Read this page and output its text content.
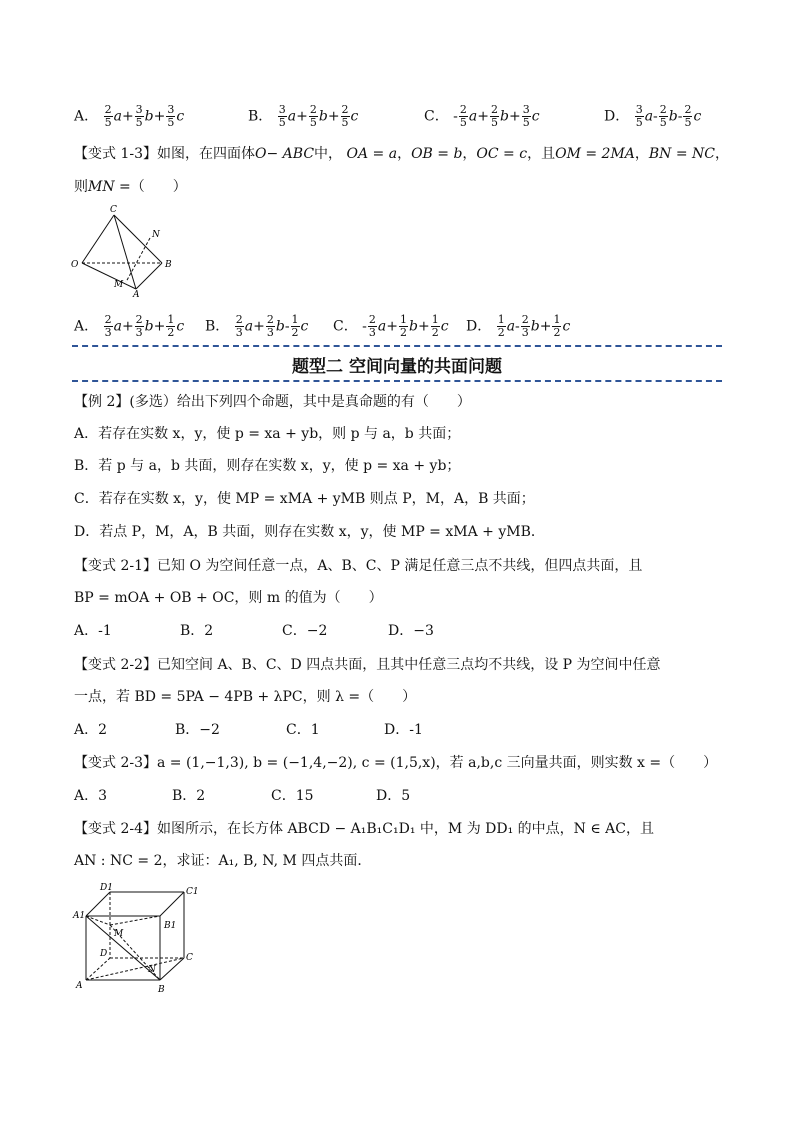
A． $\frac{2}{5} a+ \frac{3}{5} b+ \frac{3}{5}$ c	B． $\frac{3}{5} a+ \frac{2}{5} b+ \frac{2}{5}$ c	C． - $\frac{2}{5} a+ \frac{2}{5} b+ \frac{3}{5}$ c	D． $\frac{3}{5} a- \frac{2}{5} b- \frac{2}{5}$ c
【变式 1-3】如图，在四面体O− ABC中， OA = a，OB = b，OC = c，且OM = 2MA，BN = NC，
则MN =（　　）
C
N
O	B
M
A
A． $\frac{2}{3} a+ \frac{2}{3} b+ \frac{1}{2}$ c B． $\frac{2}{3} a+ \frac{2}{3} b- \frac{1}{2}$ c C． - $\frac{2}{3} a+ \frac{1}{2} b+ \frac{1}{2}$ c D． $\frac{1}{2} a- \frac{2}{3} b+ \frac{1}{2}$ c
题型二 空间向量的共面问题
【例 2】(多选）给出下列四个命题，其中是真命题的有（　　）
A．若存在实数 x，y，使 p = xa + yb，则 p 与 a，b 共面；
B．若 p 与 a，b 共面，则存在实数 x，y，使 p = xa + yb；
C．若存在实数 x，y，使 MP = xMA + yMB 则点 P，M，A，B 共面；
D．若点 P，M，A，B 共面，则存在实数 x，y，使 MP = xMA + yMB．
【变式 2-1】已知 O 为空间任意一点，A、B、C、P 满足任意三点不共线，但四点共面，且
BP = mOA + OB + OC，则 m 的值为（　　）
A．-1	B．2	C．−2	D．−3
【变式 2-2】已知空间 A、B、C、D 四点共面，且其中任意三点均不共线，设 P 为空间中任意
一点，若 BD = 5PA − 4PB + λPC，则 λ =（　　）
A．2	B．−2	C．1	D．-1
【变式 2-3】a = (1,−1,3), b = (−1,4,−2), c = (1,5,x)，若 a,b,c 三向量共面，则实数 x =（　　）
A．3	B．2	C．15	D．5
【变式 2-4】如图所示，在长方体 ABCD − A₁B₁C₁D₁ 中，M 为 DD₁ 的中点，N ∈ AC，且
AN : NC = 2，求证：A₁, B, N, M 四点共面．
D1	C1
A1
B1
M
D	C
N
A	B
